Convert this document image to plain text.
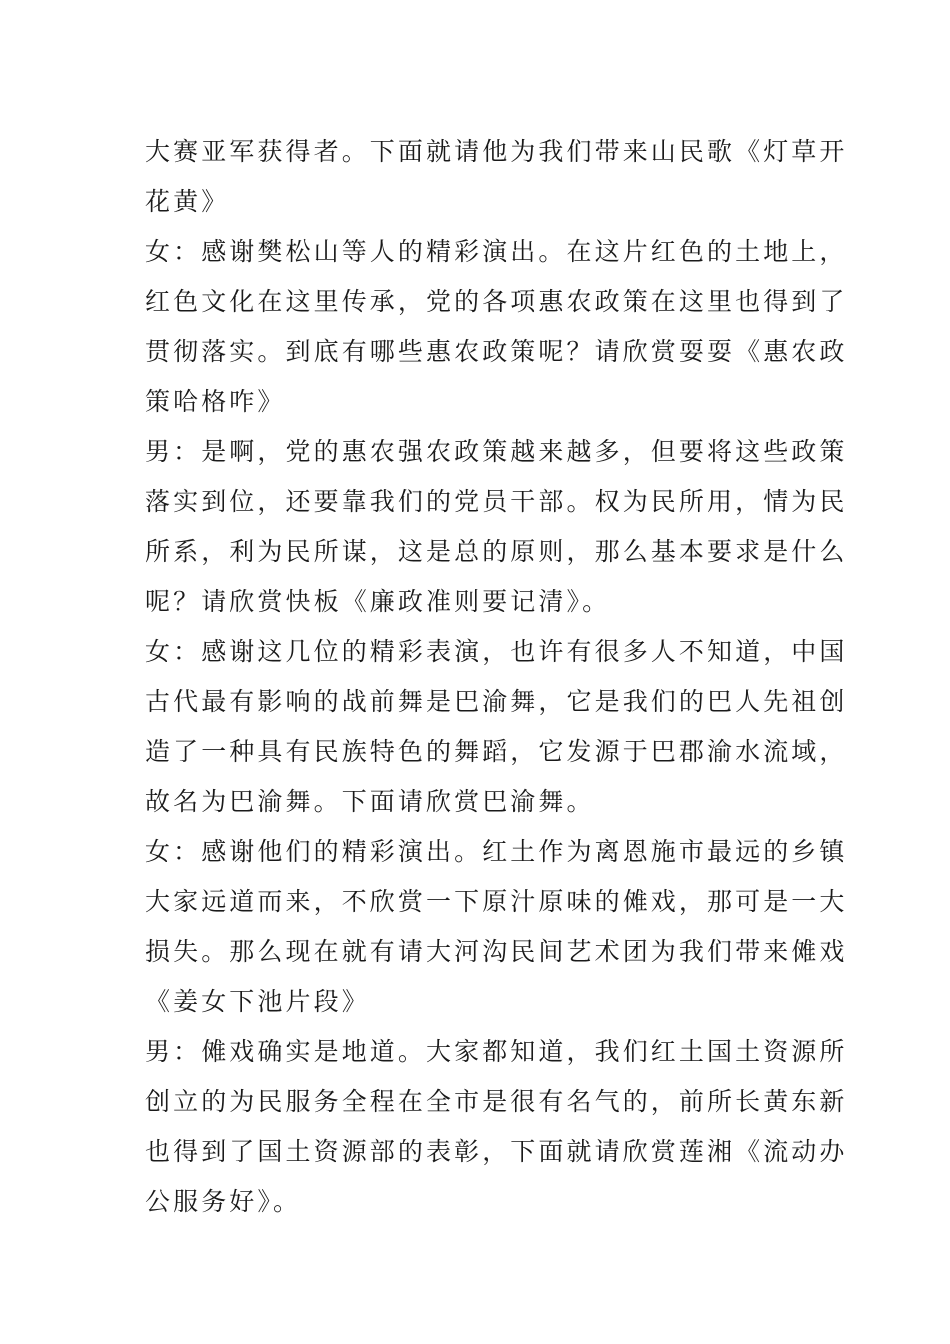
大赛亚军获得者。下面就请他为我们带来山民歌《灯草开
花黄》
女：感谢樊松山等人的精彩演出。在这片红色的土地上，
红色文化在这里传承，党的各项惠农政策在这里也得到了
贯彻落实。到底有哪些惠农政策呢？请欣赏耍耍《惠农政
策哈格咋》
男：是啊，党的惠农强农政策越来越多，但要将这些政策
落实到位，还要靠我们的党员干部。权为民所用，情为民
所系，利为民所谋，这是总的原则，那么基本要求是什么
呢？请欣赏快板《廉政准则要记清》。
女：感谢这几位的精彩表演，也许有很多人不知道，中国
古代最有影响的战前舞是巴渝舞，它是我们的巴人先祖创
造了一种具有民族特色的舞蹈，它发源于巴郡渝水流域，
故名为巴渝舞。下面请欣赏巴渝舞。
女：感谢他们的精彩演出。红土作为离恩施市最远的乡镇
大家远道而来，不欣赏一下原汁原味的傩戏，那可是一大
损失。那么现在就有请大河沟民间艺术团为我们带来傩戏
《姜女下池片段》
男：傩戏确实是地道。大家都知道，我们红土国土资源所
创立的为民服务全程在全市是很有名气的，前所长黄东新
也得到了国土资源部的表彰，下面就请欣赏莲湘《流动办
公服务好》。
